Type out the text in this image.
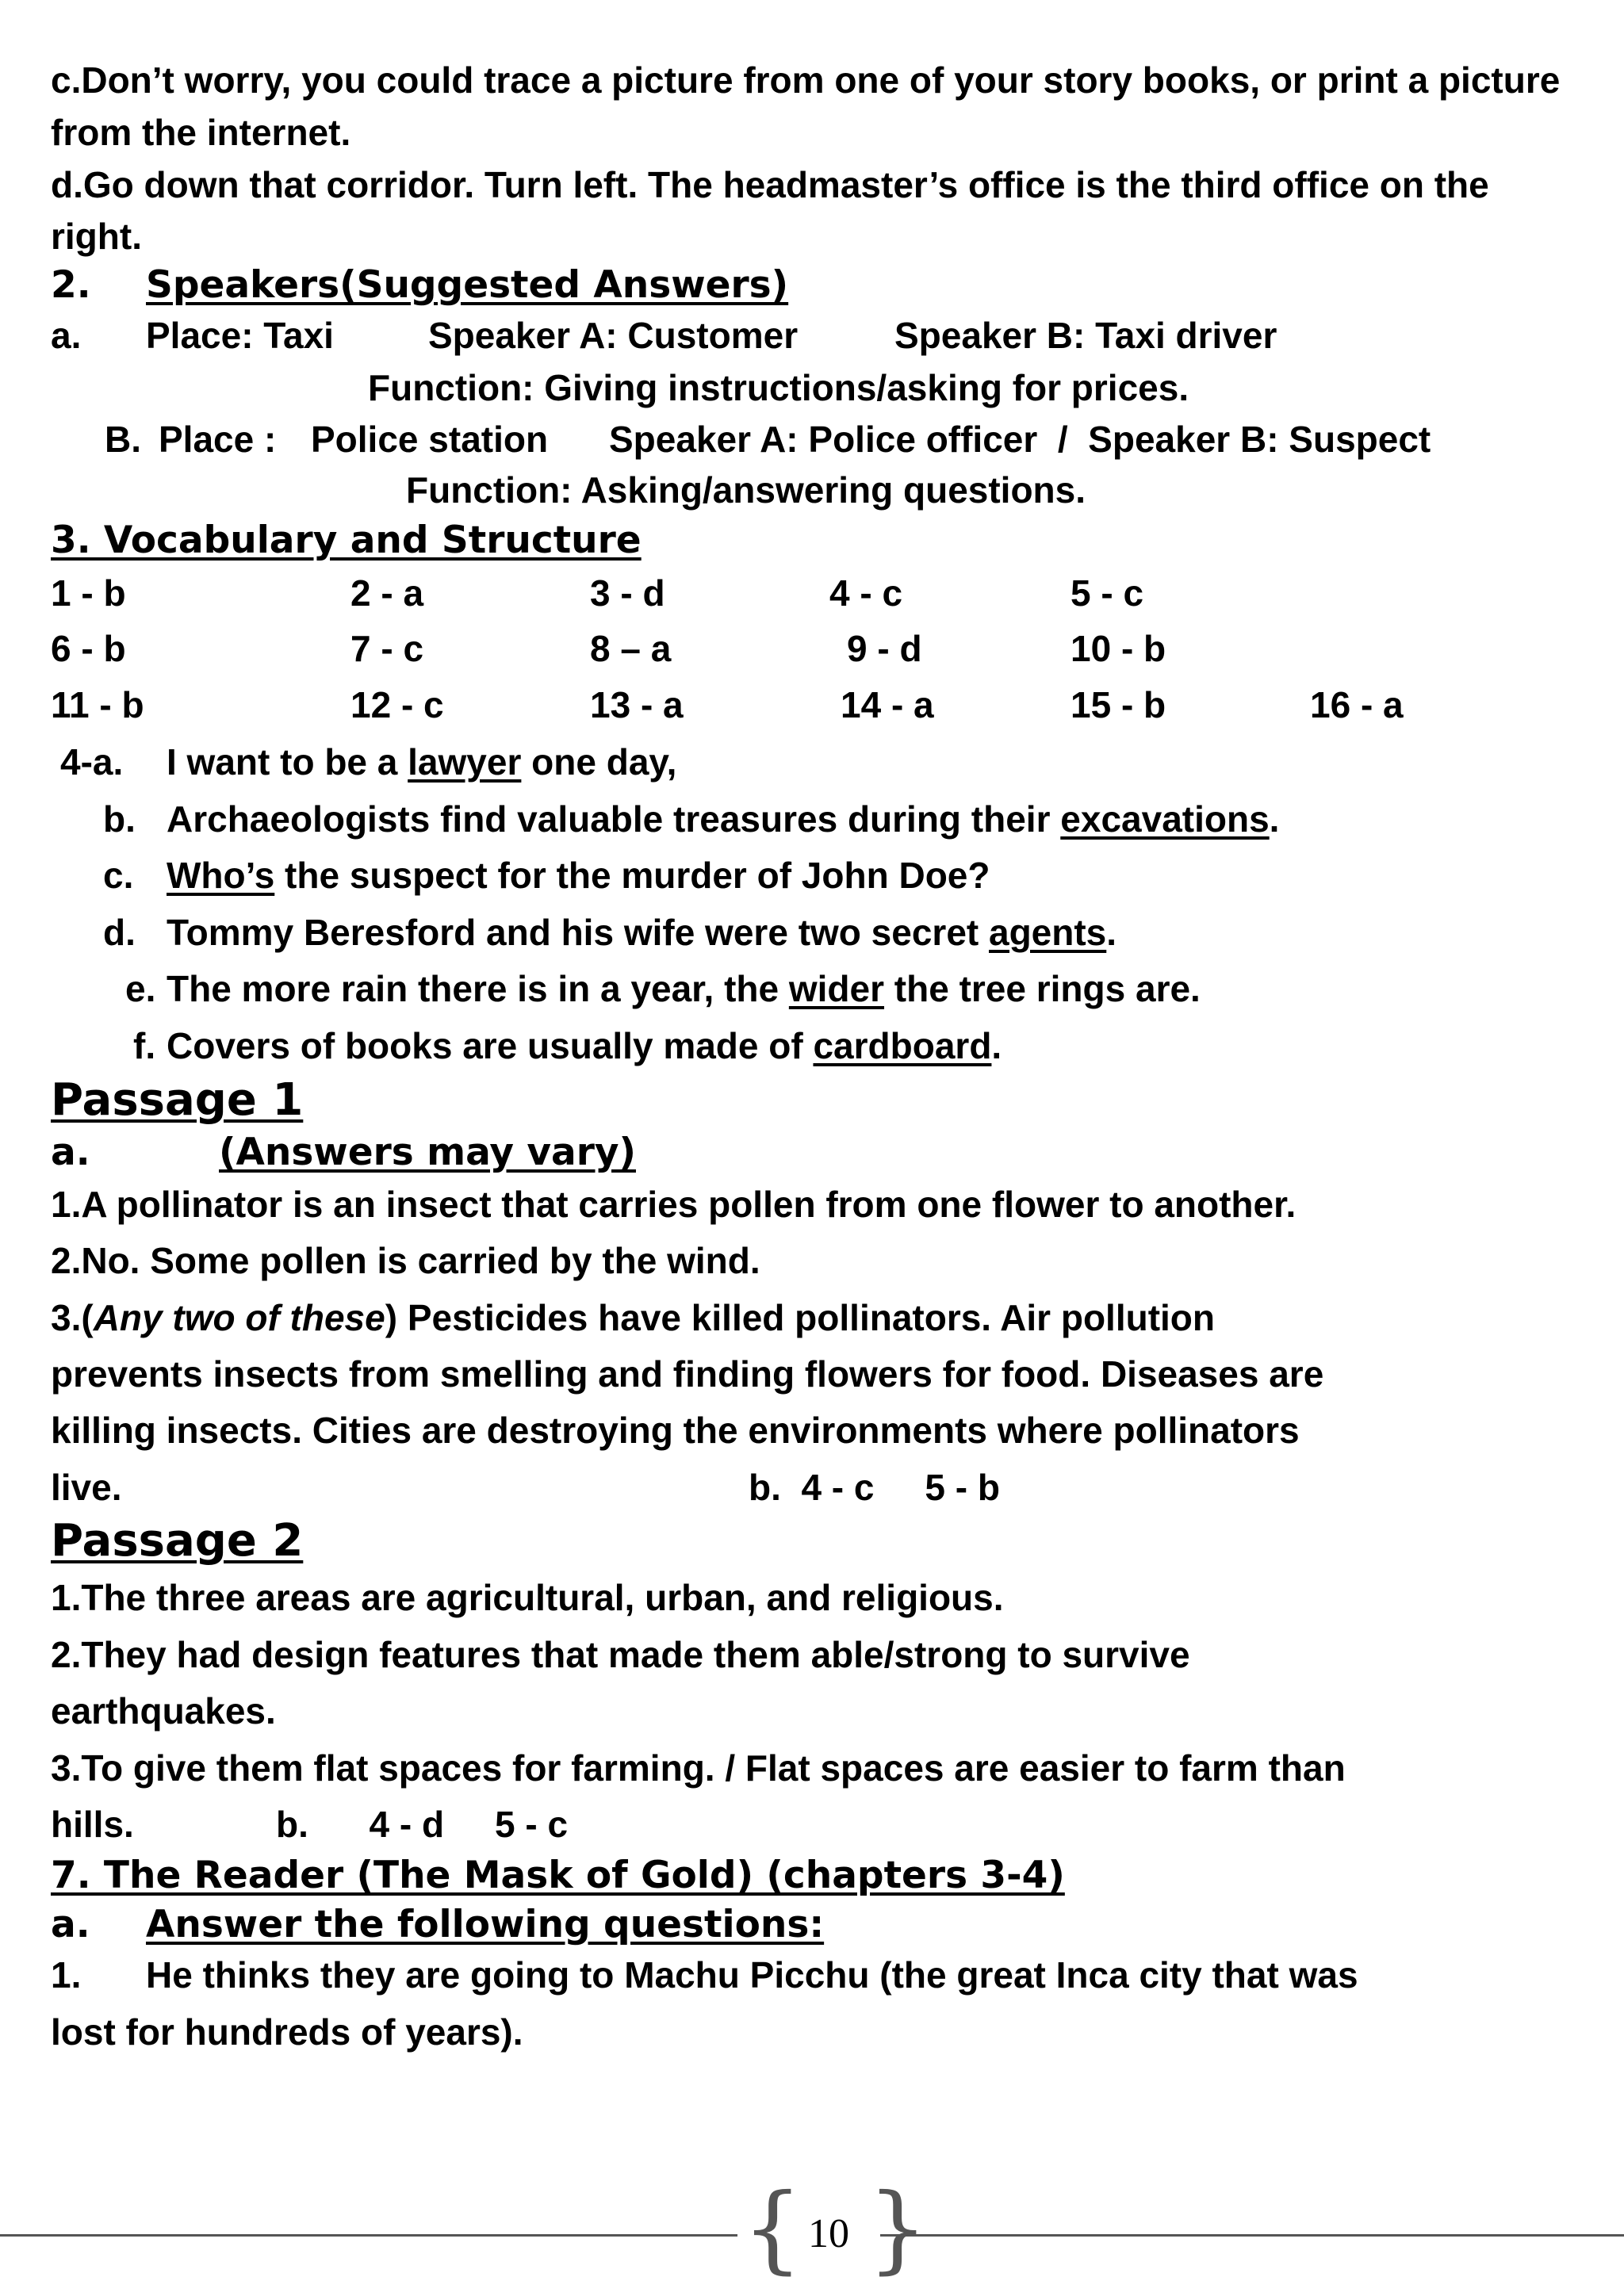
c.Don’t worry, you could trace a picture from one of your story books, or print a picture
from the internet.
d.Go down that corridor. Turn left. The headmaster’s office is the third office on the
right.
2. Speakers(Suggested Answers)
a. Place: Taxi	Speaker A: Customer	Speaker B: Taxi driver
Function: Giving instructions/asking for prices.
B. Place : Police station Speaker A: Police officer  /  Speaker B: Suspect
Function: Asking/answering questions.
3. Vocabulary and Structure
1 - b	2 - a	3 - d	4 - c	5 - c
6 - b	7 - c	8 – a	9 - d	10 - b
11 - b	12 - c	13 - a	14 - a	15 - b	16 - a
4-a. I want to be a lawyer one day,
b. Archaeologists find valuable treasures during their excavations.
c. Who’s the suspect for the murder of John Doe?
d. Tommy Beresford and his wife were two secret agents.
e. The more rain there is in a year, the wider the tree rings are.
f. Covers of books are usually made of cardboard.
Passage 1
a.	(Answers may vary)
1.A pollinator is an insect that carries pollen from one flower to another.
2.No. Some pollen is carried by the wind.
3.(Any two of these) Pesticides have killed pollinators. Air pollution
prevents insects from smelling and finding flowers for food. Diseases are
killing insects. Cities are destroying the environments where pollinators
live.	b.  4 - c     5 - b
Passage 2
1.The three areas are agricultural, urban, and religious.
2.They had design features that made them able/strong to survive
earthquakes.
3.To give them flat spaces for farming. / Flat spaces are easier to farm than
hills.	b.      4 - d     5 - c
7. The Reader (The Mask of Gold) (chapters 3-4)
a. Answer the following questions:
1. He thinks they are going to Machu Picchu (the great Inca city that was
lost for hundreds of years).
{ }
10
